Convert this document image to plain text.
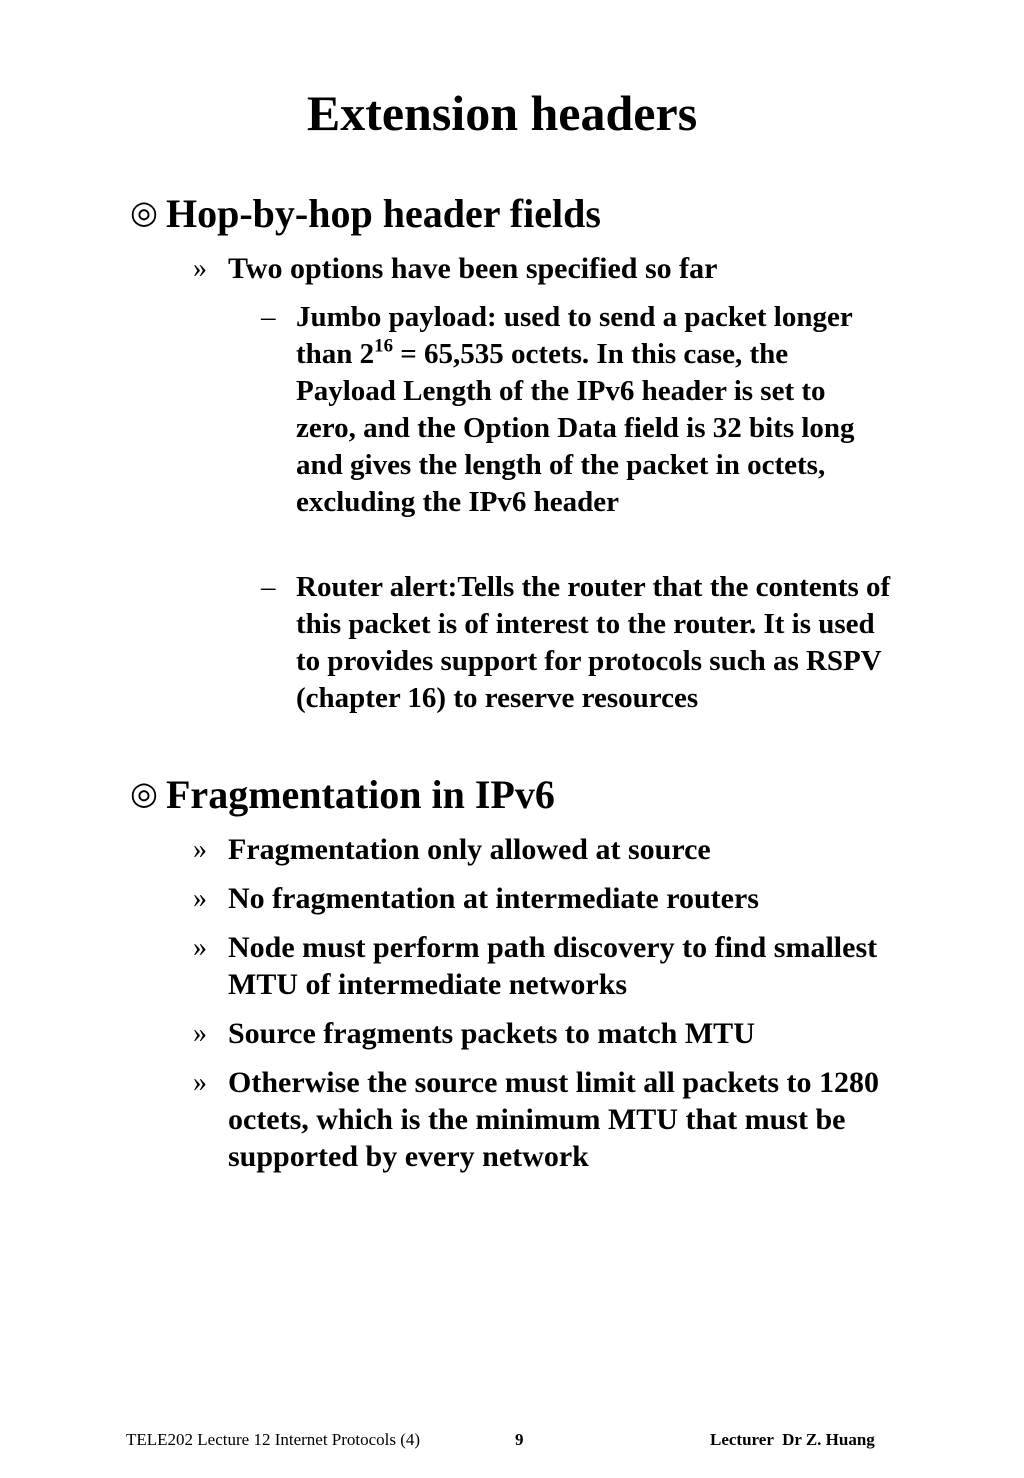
Extension headers
◎ Hop-by-hop header fields
» Two options have been specified so far
– Jumbo payload: used to send a packet longer than $2^{16} = 65,535$ octets. In this case, the Payload Length of the IPv6 header is set to zero, and the Option Data field is 32 bits long and gives the length of the packet in octets, excluding the IPv6 header
– Router alert:Tells the router that the contents of this packet is of interest to the router. It is used to provides support for protocols such as RSPV (chapter 16) to reserve resources
◎ Fragmentation in IPv6
» Fragmentation only allowed at source
» No fragmentation at intermediate routers
» Node must perform path discovery to find smallest MTU of intermediate networks
» Source fragments packets to match MTU
» Otherwise the source must limit all packets to 1280 octets, which is the minimum MTU that must be supported by every network
TELE202 Lecture 12 Internet Protocols (4)	9	Lecturer  Dr Z. Huang
